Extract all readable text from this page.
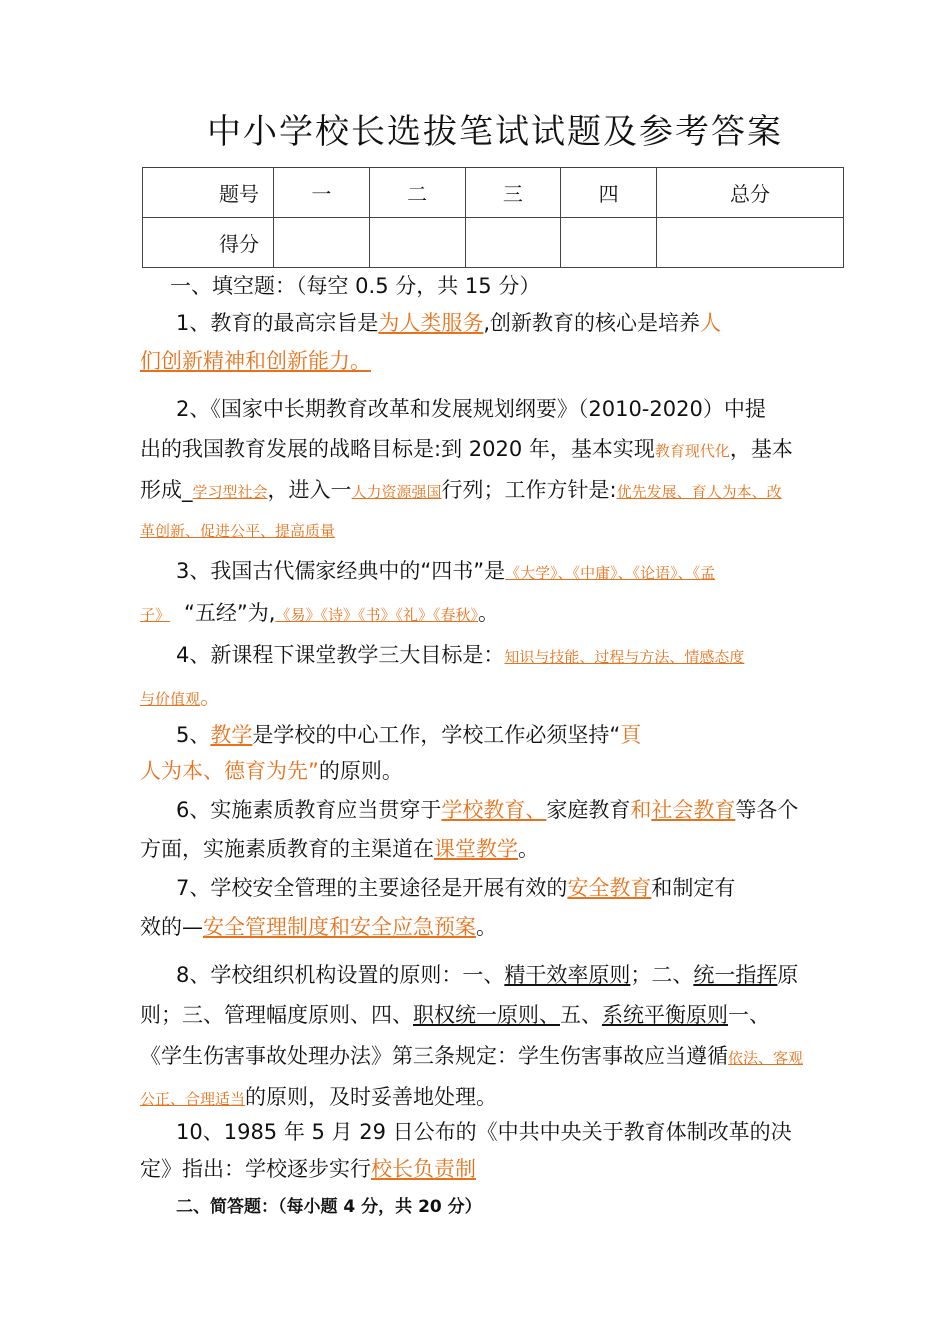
中小学校长选拔笔试试题及参考答案
题号	一	二	三	四	总分
得分					
一、填空题：（每空 0.5 分，共 15 分）
1、教育的最高宗旨是为人类服务,创新教育的核心是培养人
们创新精神和创新能力。
2、《国家中长期教育改革和发展规划纲要》（2010-2020）中提
出的我国教育发展的战略目标是:到 2020 年，基本实现教育现代化，基本
形成_学习型社会，进入一人力资源强国行列；工作方针是:优先发展、育人为本、改
革创新、促进公平、提高质量
3、我国古代儒家经典中的“四书”是《大学》、《中庸》、《论语》、《孟
子》 “五经”为,《易》《诗》《书》《礼》《春秋》。
4、新课程下课堂教学三大目标是：知识与技能、过程与方法、情感态度
与价值观。
5、教学是学校的中心工作，学校工作必须坚持“頁
人为本、德育为先”的原则。
6、实施素质教育应当贯穿于学校教育、家庭教育和社会教育等各个
方面，实施素质教育的主渠道在课堂教学。
7、学校安全管理的主要途径是开展有效的安全教育和制定有
效的—安全管理制度和安全应急预案。
8、学校组织机构设置的原则：一、精干效率原则；二、统一指挥原
则；三、管理幅度原则、四、职权统一原则、五、系统平衡原则一、
《学生伤害事故处理办法》第三条规定：学生伤害事故应当遵循依法、客观
公正、合理适当的原则，及时妥善地处理。
10、1985 年 5 月 29 日公布的《中共中央关于教育体制改革的决
定》指出：学校逐步实行校长负责制
二、简答题：（每小题 4 分，共 20 分）
